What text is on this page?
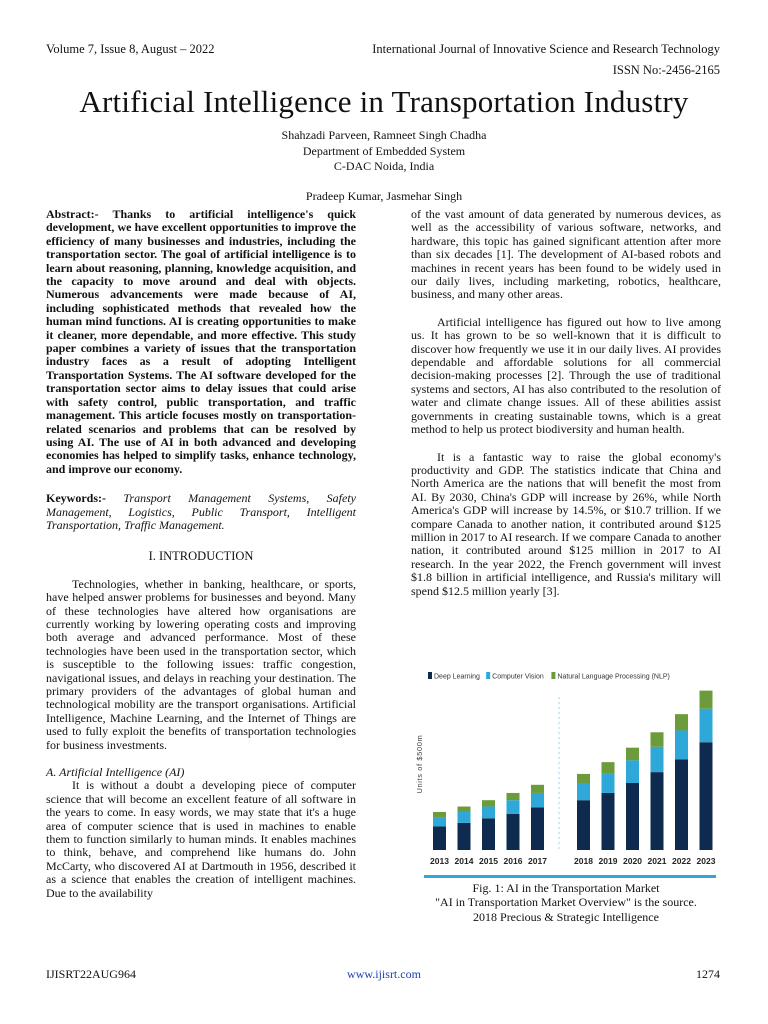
Volume 7, Issue 8, August – 2022	International Journal of Innovative Science and Research Technology
ISSN No:-2456-2165
Artificial Intelligence in Transportation Industry
Shahzadi Parveen, Ramneet Singh Chadha
Department of Embedded System
C-DAC Noida, India
Pradeep Kumar, Jasmehar Singh

Abstract:- Thanks to artificial intelligence's quick development, we have excellent opportunities to improve the efficiency of many businesses and industries, including the transportation sector. The goal of artificial intelligence is to learn about reasoning, planning, knowledge acquisition, and the capacity to move around and deal with objects. Numerous advancements were made because of AI, including sophisticated methods that revealed how the human mind functions. AI is creating opportunities to make it cleaner, more dependable, and more effective. This study paper combines a variety of issues that the transportation industry faces as a result of adopting Intelligent Transportation Systems. The AI software developed for the transportation sector aims to delay issues that could arise with safety control, public transportation, and traffic management. This article focuses mostly on transportation-related scenarios and problems that can be resolved by using AI. The use of AI in both advanced and developing economies has helped to simplify tasks, enhance technology, and improve our economy.

Keywords:- Transport Management Systems, Safety Management, Logistics, Public Transport, Intelligent Transportation, Traffic Management.

I. INTRODUCTION

Technologies, whether in banking, healthcare, or sports, have helped answer problems for businesses and beyond. Many of these technologies have altered how organisations are currently working by lowering operating costs and improving both average and advanced performance. Most of these technologies have been used in the transportation sector, which is susceptible to the following issues: traffic congestion, navigational issues, and delays in reaching your destination. The primary providers of the advantages of global human and technological mobility are the transport organisations. Artificial Intelligence, Machine Learning, and the Internet of Things are used to fully exploit the benefits of transportation technologies for business investments.

A. Artificial Intelligence (AI)

It is without a doubt a developing piece of computer science that will become an excellent feature of all software in the years to come. In easy words, we may state that it's a huge area of computer science that is used in machines to enable them to function similarly to human minds. It enables machines to think, behave, and comprehend like humans do. John McCarty, who discovered AI at Dartmouth in 1956, described it as a science that enables the creation of intelligent machines. Due to the availability

of the vast amount of data generated by numerous devices, as well as the accessibility of various software, networks, and hardware, this topic has gained significant attention after more than six decades [1]. The development of AI-based robots and machines in recent years has been found to be widely used in our daily lives, including marketing, robotics, healthcare, business, and many other areas.

Artificial intelligence has figured out how to live among us. It has grown to be so well-known that it is difficult to discover how frequently we use it in our daily lives. AI provides dependable and affordable solutions for all commercial decision-making processes [2]. Through the use of traditional systems and sectors, AI has also contributed to the resolution of water and climate change issues. All of these abilities assist governments in creating sustainable towns, which is a great method to help us protect biodiversity and human health.

It is a fantastic way to raise the global economy's productivity and GDP. The statistics indicate that China and North America are the nations that will benefit the most from AI. By 2030, China's GDP will increase by 26%, while North America's GDP will increase by 14.5%, or $10.7 trillion. If we compare Canada to another nation, it contributed around $125 million in 2017 to AI research. If we compare Canada to another nation, it contributed around $125 million in 2017 to AI research. In the year 2022, the French government will invest $1.8 billion in artificial intelligence, and Russia's military will spend $12.5 million yearly [3].

Deep Learning Computer Vision Natural Language Processing (NLP)
Units of $500m
2013 2014 2015 2016 2017	2018 2019 2020 2021 2022 2023
Fig. 1: AI in the Transportation Market
"AI in Transportation Market Overview" is the source.
2018 Precious & Strategic Intelligence
IJISRT22AUG964	www.ijisrt.com	1274
